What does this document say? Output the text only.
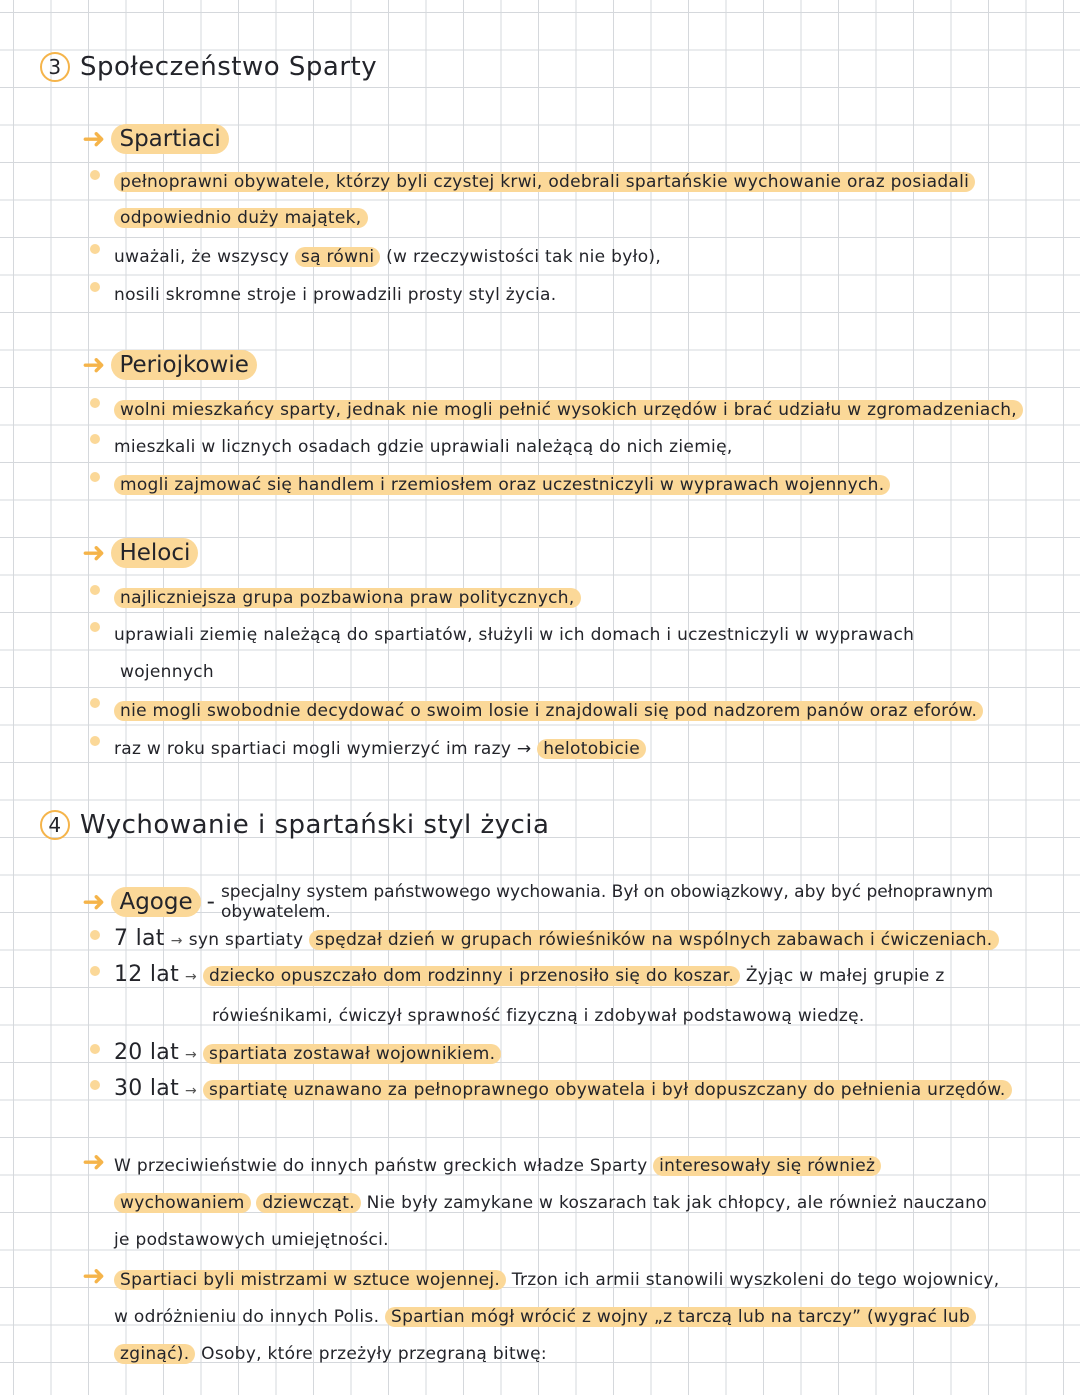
3 Społeczeństwo Sparty
➜ Spartiaci
pełnoprawni obywatele, którzy byli czystej krwi, odebrali spartańskie wychowanie oraz posiadali
odpowiednio duży majątek,
uważali, że wszyscy są równi (w rzeczywistości tak nie było),
nosili skromne stroje i prowadzili prosty styl życia.
➜ Periojkowie
wolni mieszkańcy sparty, jednak nie mogli pełnić wysokich urzędów i brać udziału w zgromadzeniach,
mieszkali w licznych osadach gdzie uprawiali należącą do nich ziemię,
mogli zajmować się handlem i rzemiosłem oraz uczestniczyli w wyprawach wojennych.
➜ Heloci
najliczniejsza grupa pozbawiona praw politycznych,
uprawiali ziemię należącą do spartiatów, służyli w ich domach i uczestniczyli w wyprawach
wojennych
nie mogli swobodnie decydować o swoim losie i znajdowali się pod nadzorem panów oraz eforów.
raz w roku spartiaci mogli wymierzyć im razy → helotobicie
4 Wychowanie i spartański styl życia
➜ Agoge - specjalny system państwowego wychowania. Był on obowiązkowy, aby być pełnoprawnym obywatelem.
7 lat → syn spartiaty spędzał dzień w grupach rówieśników na wspólnych zabawach i ćwiczeniach.
12 lat → dziecko opuszczało dom rodzinny i przenosiło się do koszar. Żyjąc w małej grupie z
rówieśnikami, ćwiczył sprawność fizyczną i zdobywał podstawową wiedzę.
20 lat → spartiata zostawał wojownikiem.
30 lat → spartiatę uznawano za pełnoprawnego obywatela i był dopuszczany do pełnienia urzędów.
➜ W przeciwieństwie do innych państw greckich władze Sparty interesowały się również wychowaniem dziewcząt. Nie były zamykane w koszarach tak jak chłopcy, ale również nauczano je podstawowych umiejętności.
➜ Spartiaci byli mistrzami w sztuce wojennej. Trzon ich armii stanowili wyszkoleni do tego wojownicy, w odróżnieniu do innych Polis. Spartian mógł wrócić z wojny „z tarczą lub na tarczy” (wygrać lub zginąć). Osoby, które przeżyły przegraną bitwę:
